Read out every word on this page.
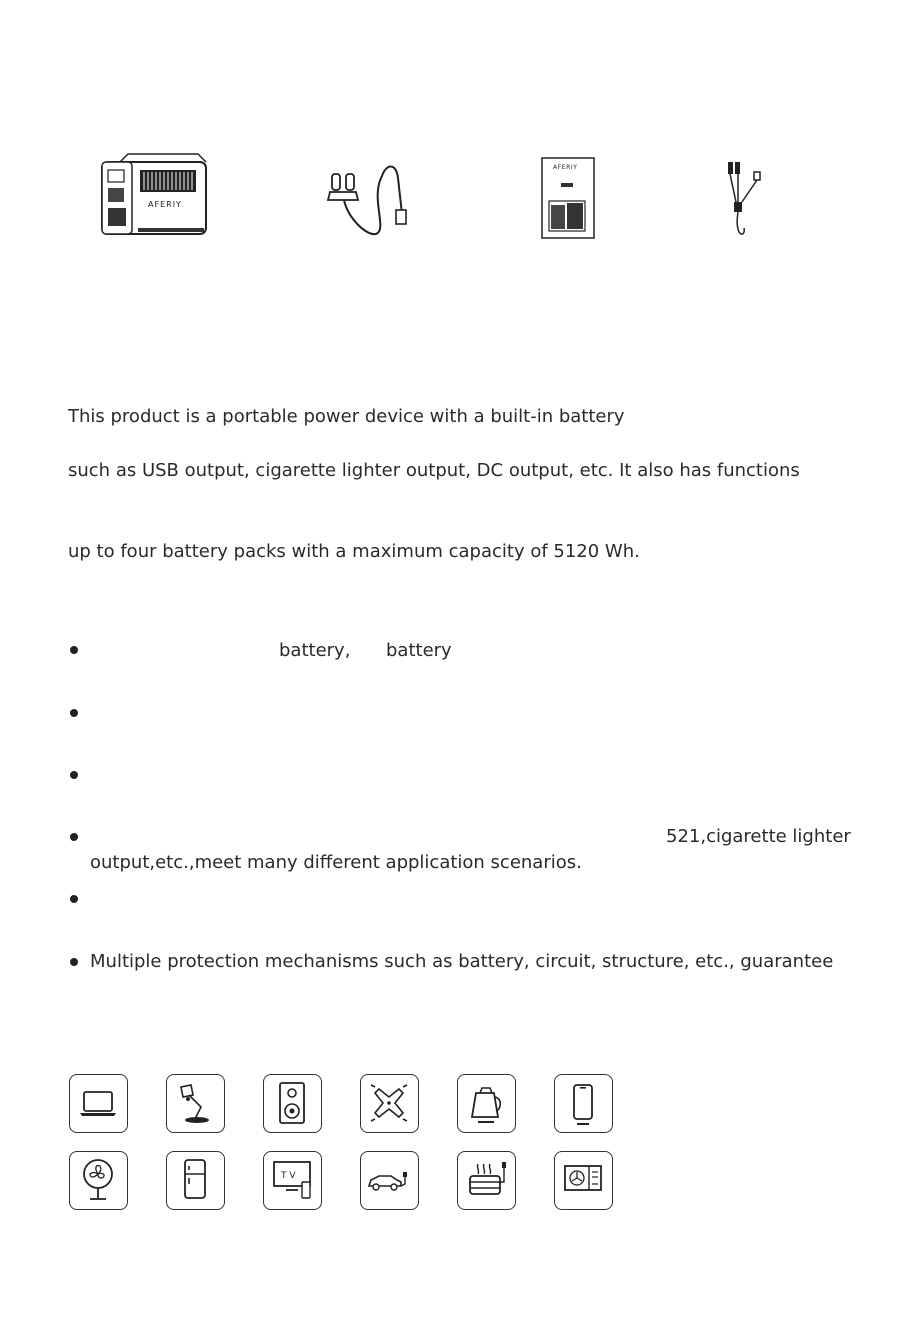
AFERIY
AFERIY
This product is a portable power device with a built-in battery
such as USB output, cigarette lighter output, DC output, etc. It also has functions
up to four battery packs with a maximum capacity of 5120 Wh.
battery, battery
521,cigarette lighter
output,etc.,meet many different application scenarios.
Multiple protection mechanisms such as battery, circuit, structure, etc., guarantee
T V
